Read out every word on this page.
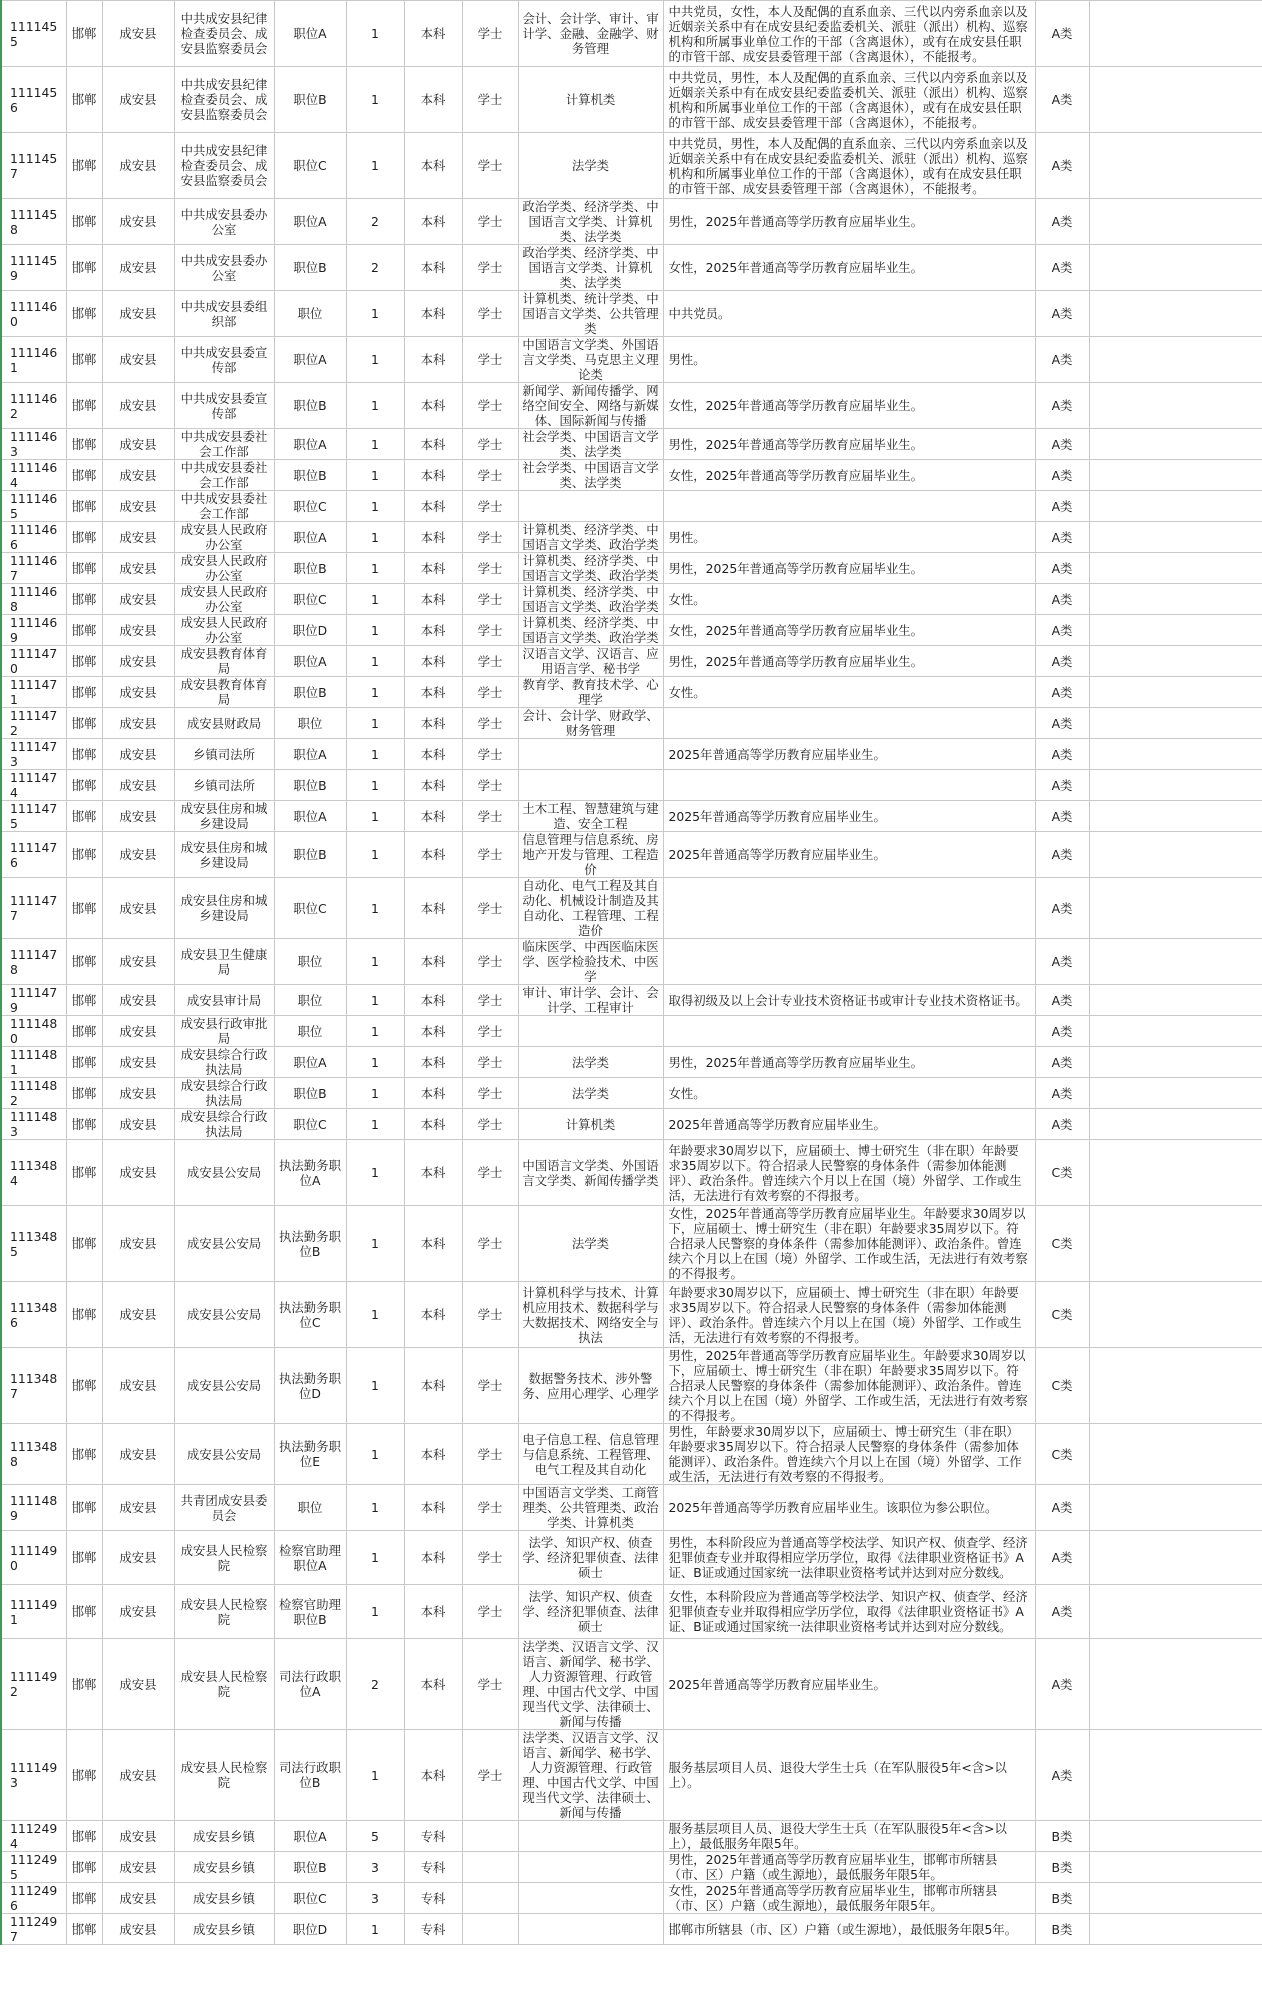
1111455	邯郸	成安县	中共成安县纪律检查委员会、成安县监察委员会	职位A	1	本科	学士	会计、会计学、审计、审计学、金融、金融学、财务管理	中共党员，女性，本人及配偶的直系血亲、三代以内旁系血亲以及近姻亲关系中有在成安县纪委监委机关、派驻（派出）机构、巡察机构和所属事业单位工作的干部（含离退休），或有在成安县任职的市管干部、成安县委管理干部（含离退休），不能报考。	A类	
1111456	邯郸	成安县	中共成安县纪律检查委员会、成安县监察委员会	职位B	1	本科	学士	计算机类	中共党员，男性，本人及配偶的直系血亲、三代以内旁系血亲以及近姻亲关系中有在成安县纪委监委机关、派驻（派出）机构、巡察机构和所属事业单位工作的干部（含离退休），或有在成安县任职的市管干部、成安县委管理干部（含离退休），不能报考。	A类	
1111457	邯郸	成安县	中共成安县纪律检查委员会、成安县监察委员会	职位C	1	本科	学士	法学类	中共党员，男性，本人及配偶的直系血亲、三代以内旁系血亲以及近姻亲关系中有在成安县纪委监委机关、派驻（派出）机构、巡察机构和所属事业单位工作的干部（含离退休），或有在成安县任职的市管干部、成安县委管理干部（含离退休），不能报考。	A类	
1111458	邯郸	成安县	中共成安县委办公室	职位A	2	本科	学士	政治学类、经济学类、中国语言文学类、计算机类、法学类	男性，2025年普通高等学历教育应届毕业生。	A类	
1111459	邯郸	成安县	中共成安县委办公室	职位B	2	本科	学士	政治学类、经济学类、中国语言文学类、计算机类、法学类	女性，2025年普通高等学历教育应届毕业生。	A类	
1111460	邯郸	成安县	中共成安县委组织部	职位	1	本科	学士	计算机类、统计学类、中国语言文学类、公共管理类	中共党员。	A类	
1111461	邯郸	成安县	中共成安县委宣传部	职位A	1	本科	学士	中国语言文学类、外国语言文学类、马克思主义理论类	男性。	A类	
1111462	邯郸	成安县	中共成安县委宣传部	职位B	1	本科	学士	新闻学、新闻传播学、网络空间安全、网络与新媒体、国际新闻与传播	女性，2025年普通高等学历教育应届毕业生。	A类	
1111463	邯郸	成安县	中共成安县委社会工作部	职位A	1	本科	学士	社会学类、中国语言文学类、法学类	男性，2025年普通高等学历教育应届毕业生。	A类	
1111464	邯郸	成安县	中共成安县委社会工作部	职位B	1	本科	学士	社会学类、中国语言文学类、法学类	女性，2025年普通高等学历教育应届毕业生。	A类	
1111465	邯郸	成安县	中共成安县委社会工作部	职位C	1	本科	学士			A类	
1111466	邯郸	成安县	成安县人民政府办公室	职位A	1	本科	学士	计算机类、经济学类、中国语言文学类、政治学类	男性。	A类	
1111467	邯郸	成安县	成安县人民政府办公室	职位B	1	本科	学士	计算机类、经济学类、中国语言文学类、政治学类	男性，2025年普通高等学历教育应届毕业生。	A类	
1111468	邯郸	成安县	成安县人民政府办公室	职位C	1	本科	学士	计算机类、经济学类、中国语言文学类、政治学类	女性。	A类	
1111469	邯郸	成安县	成安县人民政府办公室	职位D	1	本科	学士	计算机类、经济学类、中国语言文学类、政治学类	女性，2025年普通高等学历教育应届毕业生。	A类	
1111470	邯郸	成安县	成安县教育体育局	职位A	1	本科	学士	汉语言文学、汉语言、应用语言学、秘书学	男性，2025年普通高等学历教育应届毕业生。	A类	
1111471	邯郸	成安县	成安县教育体育局	职位B	1	本科	学士	教育学、教育技术学、心理学	女性。	A类	
1111472	邯郸	成安县	成安县财政局	职位	1	本科	学士	会计、会计学、财政学、财务管理		A类	
1111473	邯郸	成安县	乡镇司法所	职位A	1	本科	学士		2025年普通高等学历教育应届毕业生。	A类	
1111474	邯郸	成安县	乡镇司法所	职位B	1	本科	学士			A类	
1111475	邯郸	成安县	成安县住房和城乡建设局	职位A	1	本科	学士	土木工程、智慧建筑与建造、安全工程	2025年普通高等学历教育应届毕业生。	A类	
1111476	邯郸	成安县	成安县住房和城乡建设局	职位B	1	本科	学士	信息管理与信息系统、房地产开发与管理、工程造价	2025年普通高等学历教育应届毕业生。	A类	
1111477	邯郸	成安县	成安县住房和城乡建设局	职位C	1	本科	学士	自动化、电气工程及其自动化、机械设计制造及其自动化、工程管理、工程造价		A类	
1111478	邯郸	成安县	成安县卫生健康局	职位	1	本科	学士	临床医学、中西医临床医学、医学检验技术、中医学		A类	
1111479	邯郸	成安县	成安县审计局	职位	1	本科	学士	审计、审计学、会计、会计学、工程审计	取得初级及以上会计专业技术资格证书或审计专业技术资格证书。	A类	
1111480	邯郸	成安县	成安县行政审批局	职位	1	本科	学士			A类	
1111481	邯郸	成安县	成安县综合行政执法局	职位A	1	本科	学士	法学类	男性，2025年普通高等学历教育应届毕业生。	A类	
1111482	邯郸	成安县	成安县综合行政执法局	职位B	1	本科	学士	法学类	女性。	A类	
1111483	邯郸	成安县	成安县综合行政执法局	职位C	1	本科	学士	计算机类	2025年普通高等学历教育应届毕业生。	A类	
1113484	邯郸	成安县	成安县公安局	执法勤务职位A	1	本科	学士	中国语言文学类、外国语言文学类、新闻传播学类	年龄要求30周岁以下，应届硕士、博士研究生（非在职）年龄要求35周岁以下。符合招录人民警察的身体条件（需参加体能测评）、政治条件。曾连续六个月以上在国（境）外留学、工作或生活，无法进行有效考察的不得报考。	C类	
1113485	邯郸	成安县	成安县公安局	执法勤务职位B	1	本科	学士	法学类	女性，2025年普通高等学历教育应届毕业生。年龄要求30周岁以下，应届硕士、博士研究生（非在职）年龄要求35周岁以下。符合招录人民警察的身体条件（需参加体能测评）、政治条件。曾连续六个月以上在国（境）外留学、工作或生活，无法进行有效考察的不得报考。	C类	
1113486	邯郸	成安县	成安县公安局	执法勤务职位C	1	本科	学士	计算机科学与技术、计算机应用技术、数据科学与大数据技术、网络安全与执法	年龄要求30周岁以下，应届硕士、博士研究生（非在职）年龄要求35周岁以下。符合招录人民警察的身体条件（需参加体能测评）、政治条件。曾连续六个月以上在国（境）外留学、工作或生活，无法进行有效考察的不得报考。	C类	
1113487	邯郸	成安县	成安县公安局	执法勤务职位D	1	本科	学士	数据警务技术、涉外警务、应用心理学、心理学	男性，2025年普通高等学历教育应届毕业生。年龄要求30周岁以下，应届硕士、博士研究生（非在职）年龄要求35周岁以下。符合招录人民警察的身体条件（需参加体能测评）、政治条件。曾连续六个月以上在国（境）外留学、工作或生活，无法进行有效考察的不得报考。	C类	
1113488	邯郸	成安县	成安县公安局	执法勤务职位E	1	本科	学士	电子信息工程、信息管理与信息系统、工程管理、电气工程及其自动化	男性，年龄要求30周岁以下，应届硕士、博士研究生（非在职）年龄要求35周岁以下。符合招录人民警察的身体条件（需参加体能测评）、政治条件。曾连续六个月以上在国（境）外留学、工作或生活，无法进行有效考察的不得报考。	C类	
1111489	邯郸	成安县	共青团成安县委员会	职位	1	本科	学士	中国语言文学类、工商管理类、公共管理类、政治学类、计算机类	2025年普通高等学历教育应届毕业生。该职位为参公职位。	A类	
1111490	邯郸	成安县	成安县人民检察院	检察官助理职位A	1	本科	学士	法学、知识产权、侦查学、经济犯罪侦查、法律硕士	男性，本科阶段应为普通高等学校法学、知识产权、侦查学、经济犯罪侦查专业并取得相应学历学位，取得《法律职业资格证书》A证、B证或通过国家统一法律职业资格考试并达到对应分数线。	A类	
1111491	邯郸	成安县	成安县人民检察院	检察官助理职位B	1	本科	学士	法学、知识产权、侦查学、经济犯罪侦查、法律硕士	女性，本科阶段应为普通高等学校法学、知识产权、侦查学、经济犯罪侦查专业并取得相应学历学位，取得《法律职业资格证书》A证、B证或通过国家统一法律职业资格考试并达到对应分数线。	A类	
1111492	邯郸	成安县	成安县人民检察院	司法行政职位A	2	本科	学士	法学类、汉语言文学、汉语言、新闻学、秘书学、人力资源管理、行政管理、中国古代文学、中国现当代文学、法律硕士、新闻与传播	2025年普通高等学历教育应届毕业生。	A类	
1111493	邯郸	成安县	成安县人民检察院	司法行政职位B	1	本科	学士	法学类、汉语言文学、汉语言、新闻学、秘书学、人力资源管理、行政管理、中国古代文学、中国现当代文学、法律硕士、新闻与传播	服务基层项目人员、退役大学生士兵（在军队服役5年<含>以上）。	A类	
1112494	邯郸	成安县	成安县乡镇	职位A	5	专科			服务基层项目人员、退役大学生士兵（在军队服役5年<含>以上），最低服务年限5年。	B类	
1112495	邯郸	成安县	成安县乡镇	职位B	3	专科			男性，2025年普通高等学历教育应届毕业生，邯郸市所辖县（市、区）户籍（或生源地），最低服务年限5年。	B类	
1112496	邯郸	成安县	成安县乡镇	职位C	3	专科			女性，2025年普通高等学历教育应届毕业生，邯郸市所辖县（市、区）户籍（或生源地），最低服务年限5年。	B类	
1112497	邯郸	成安县	成安县乡镇	职位D	1	专科			邯郸市所辖县（市、区）户籍（或生源地），最低服务年限5年。	B类	
